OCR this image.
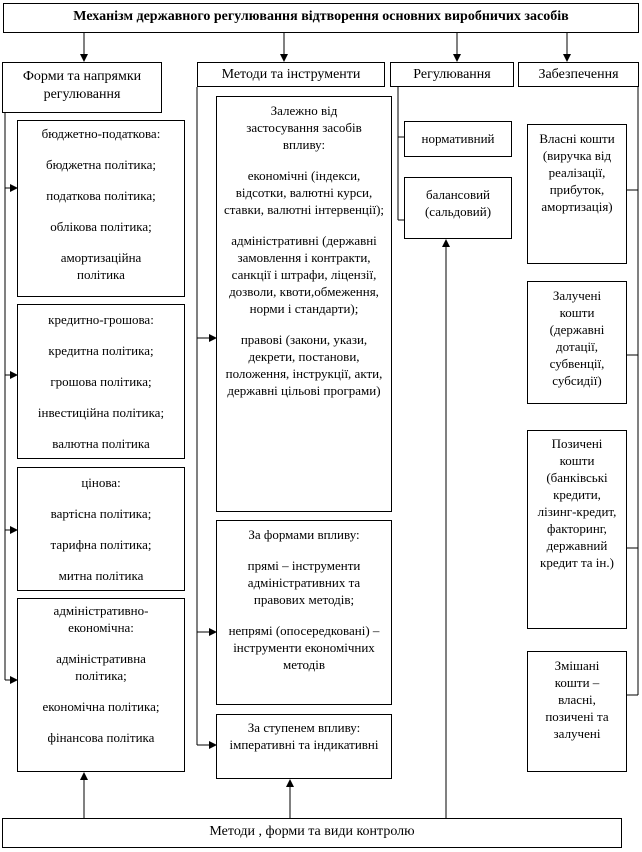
Механізм державного регулювання відтворення основних виробничих засобів
Форми та напрямки регулювання
Методи та інструменти	Регулювання	Забезпечення

бюджетно-податкова:

бюджетна політика;

податкова політика;

облікова політика;

амортизаційна політика

кредитно-грошова:

кредитна політика;

грошова політика;

інвестиційна політика;

валютна політика

цінова:

вартісна політика;

тарифна політика;

митна політика

адміністративно-економічна:

адміністративна політика;

економічна політика;

фінансова політика

Залежно від застосування засобів впливу:

економічні (індекси, відсотки, валютні курси, ставки, валютні інтервенції);

адміністративні (державні замовлення і контракти, санкції і штрафи, ліцензії, дозволи, квоти,обмеження, норми і стандарти);

правові (закони, укази, декрети, постанови, положення, інструкції, акти, державні цільові програми)

За формами впливу:

прямі – інструменти адміністративних та правових методів;

непрямі (опосередковані) – інструменти економічних методів

За ступенем впливу:

імперативні та індикативні

нормативний
балансовий (сальдовий)
Власні кошти (виручка від реалізації, прибуток, амортизація)
Залучені кошти (державні дотації, субвенції, субсидії)
Позичені кошти (банківські кредити, лізинг-кредит, факторинг, державний кредит та ін.)
Змішані кошти – власні, позичені та залучені
Методи , форми та види контролю
